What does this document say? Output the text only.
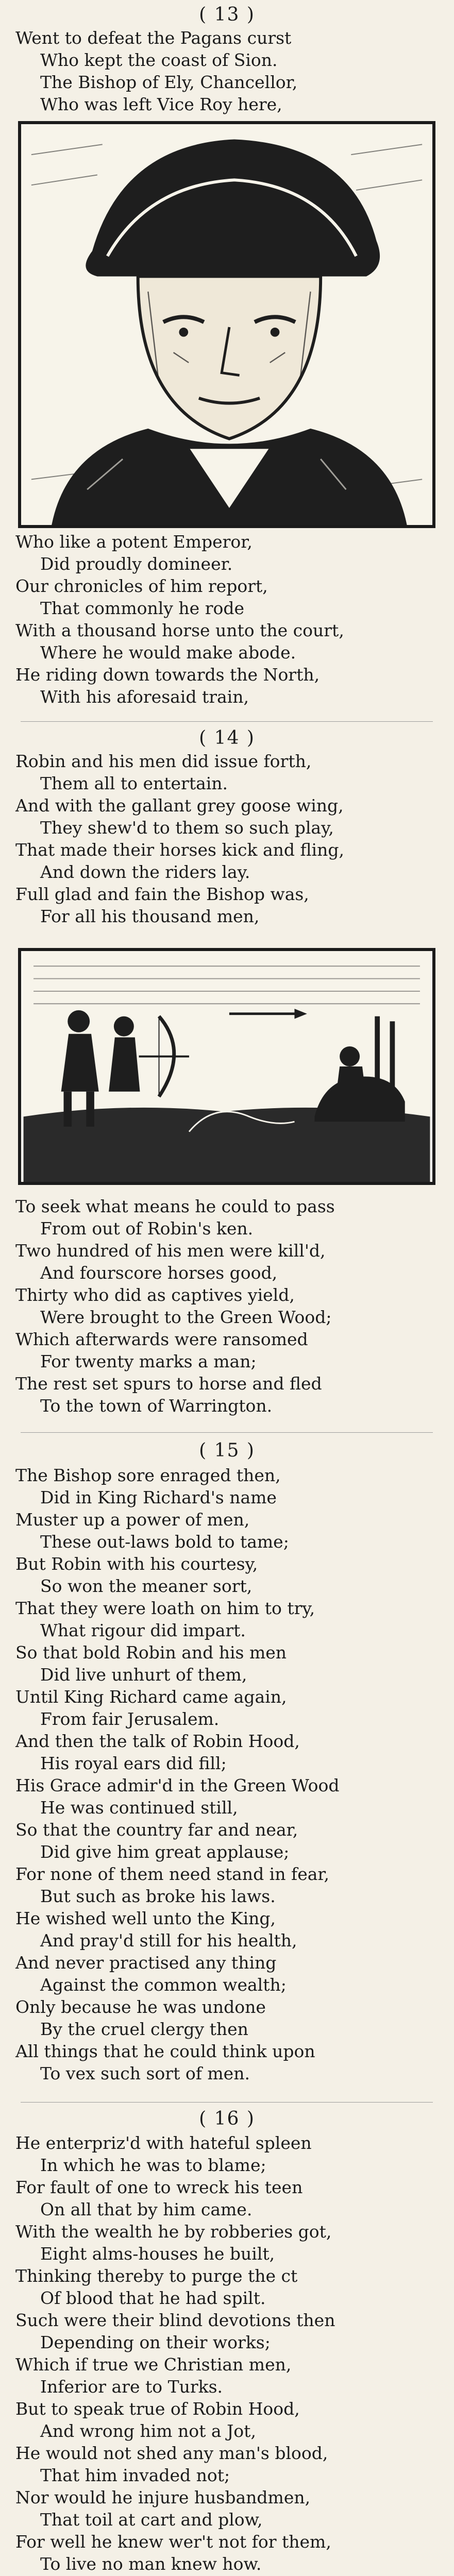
( 13 )
Went to defeat the Pagans curst
Who kept the coast of Sion.
The Bishop of Ely, Chancellor,
Who was left Vice Roy here,
Who like a potent Emperor,
Did proudly domineer.
Our chronicles of him report,
That commonly he rode
With a thousand horse unto the court,
Where he would make abode.
He riding down towards the North,
With his aforesaid train,
( 14 )
Robin and his men did issue forth,
Them all to entertain.
And with the gallant grey goose wing,
They shew'd to them so such play,
That made their horses kick and fling,
And down the riders lay.
Full glad and fain the Bishop was,
For all his thousand men,
To seek what means he could to pass
From out of Robin's ken.
Two hundred of his men were kill'd,
And fourscore horses good,
Thirty who did as captives yield,
Were brought to the Green Wood;
Which afterwards were ransomed
For twenty marks a man;
The rest set spurs to horse and fled
To the town of Warrington.
( 15 )
The Bishop sore enraged then,
Did in King Richard's name
Muster up a power of men,
These out-laws bold to tame;
But Robin with his courtesy,
So won the meaner sort,
That they were loath on him to try,
What rigour did impart.
So that bold Robin and his men
Did live unhurt of them,
Until King Richard came again,
From fair Jerusalem.
And then the talk of Robin Hood,
His royal ears did fill;
His Grace admir'd in the Green Wood
He was continued still,
So that the country far and near,
Did give him great applause;
For none of them need stand in fear,
But such as broke his laws.
He wished well unto the King,
And pray'd still for his health,
And never practised any thing
Against the common wealth;
Only because he was undone
By the cruel clergy then
All things that he could think upon
To vex such sort of men.
( 16 )
He enterpriz'd with hateful spleen
In which he was to blame;
For fault of one to wreck his teen
On all that by him came.
With the wealth he by robberies got,
Eight alms-houses he built,
Thinking thereby to purge the ct
Of blood that he had spilt.
Such were their blind devotions then
Depending on their works;
Which if true we Christian men,
Inferior are to Turks.
But to speak true of Robin Hood,
And wrong him not a Jot,
He would not shed any man's blood,
That him invaded not;
Nor would he injure husbandmen,
That toil at cart and plow,
For well he knew wer't not for them,
To live no man knew how.
